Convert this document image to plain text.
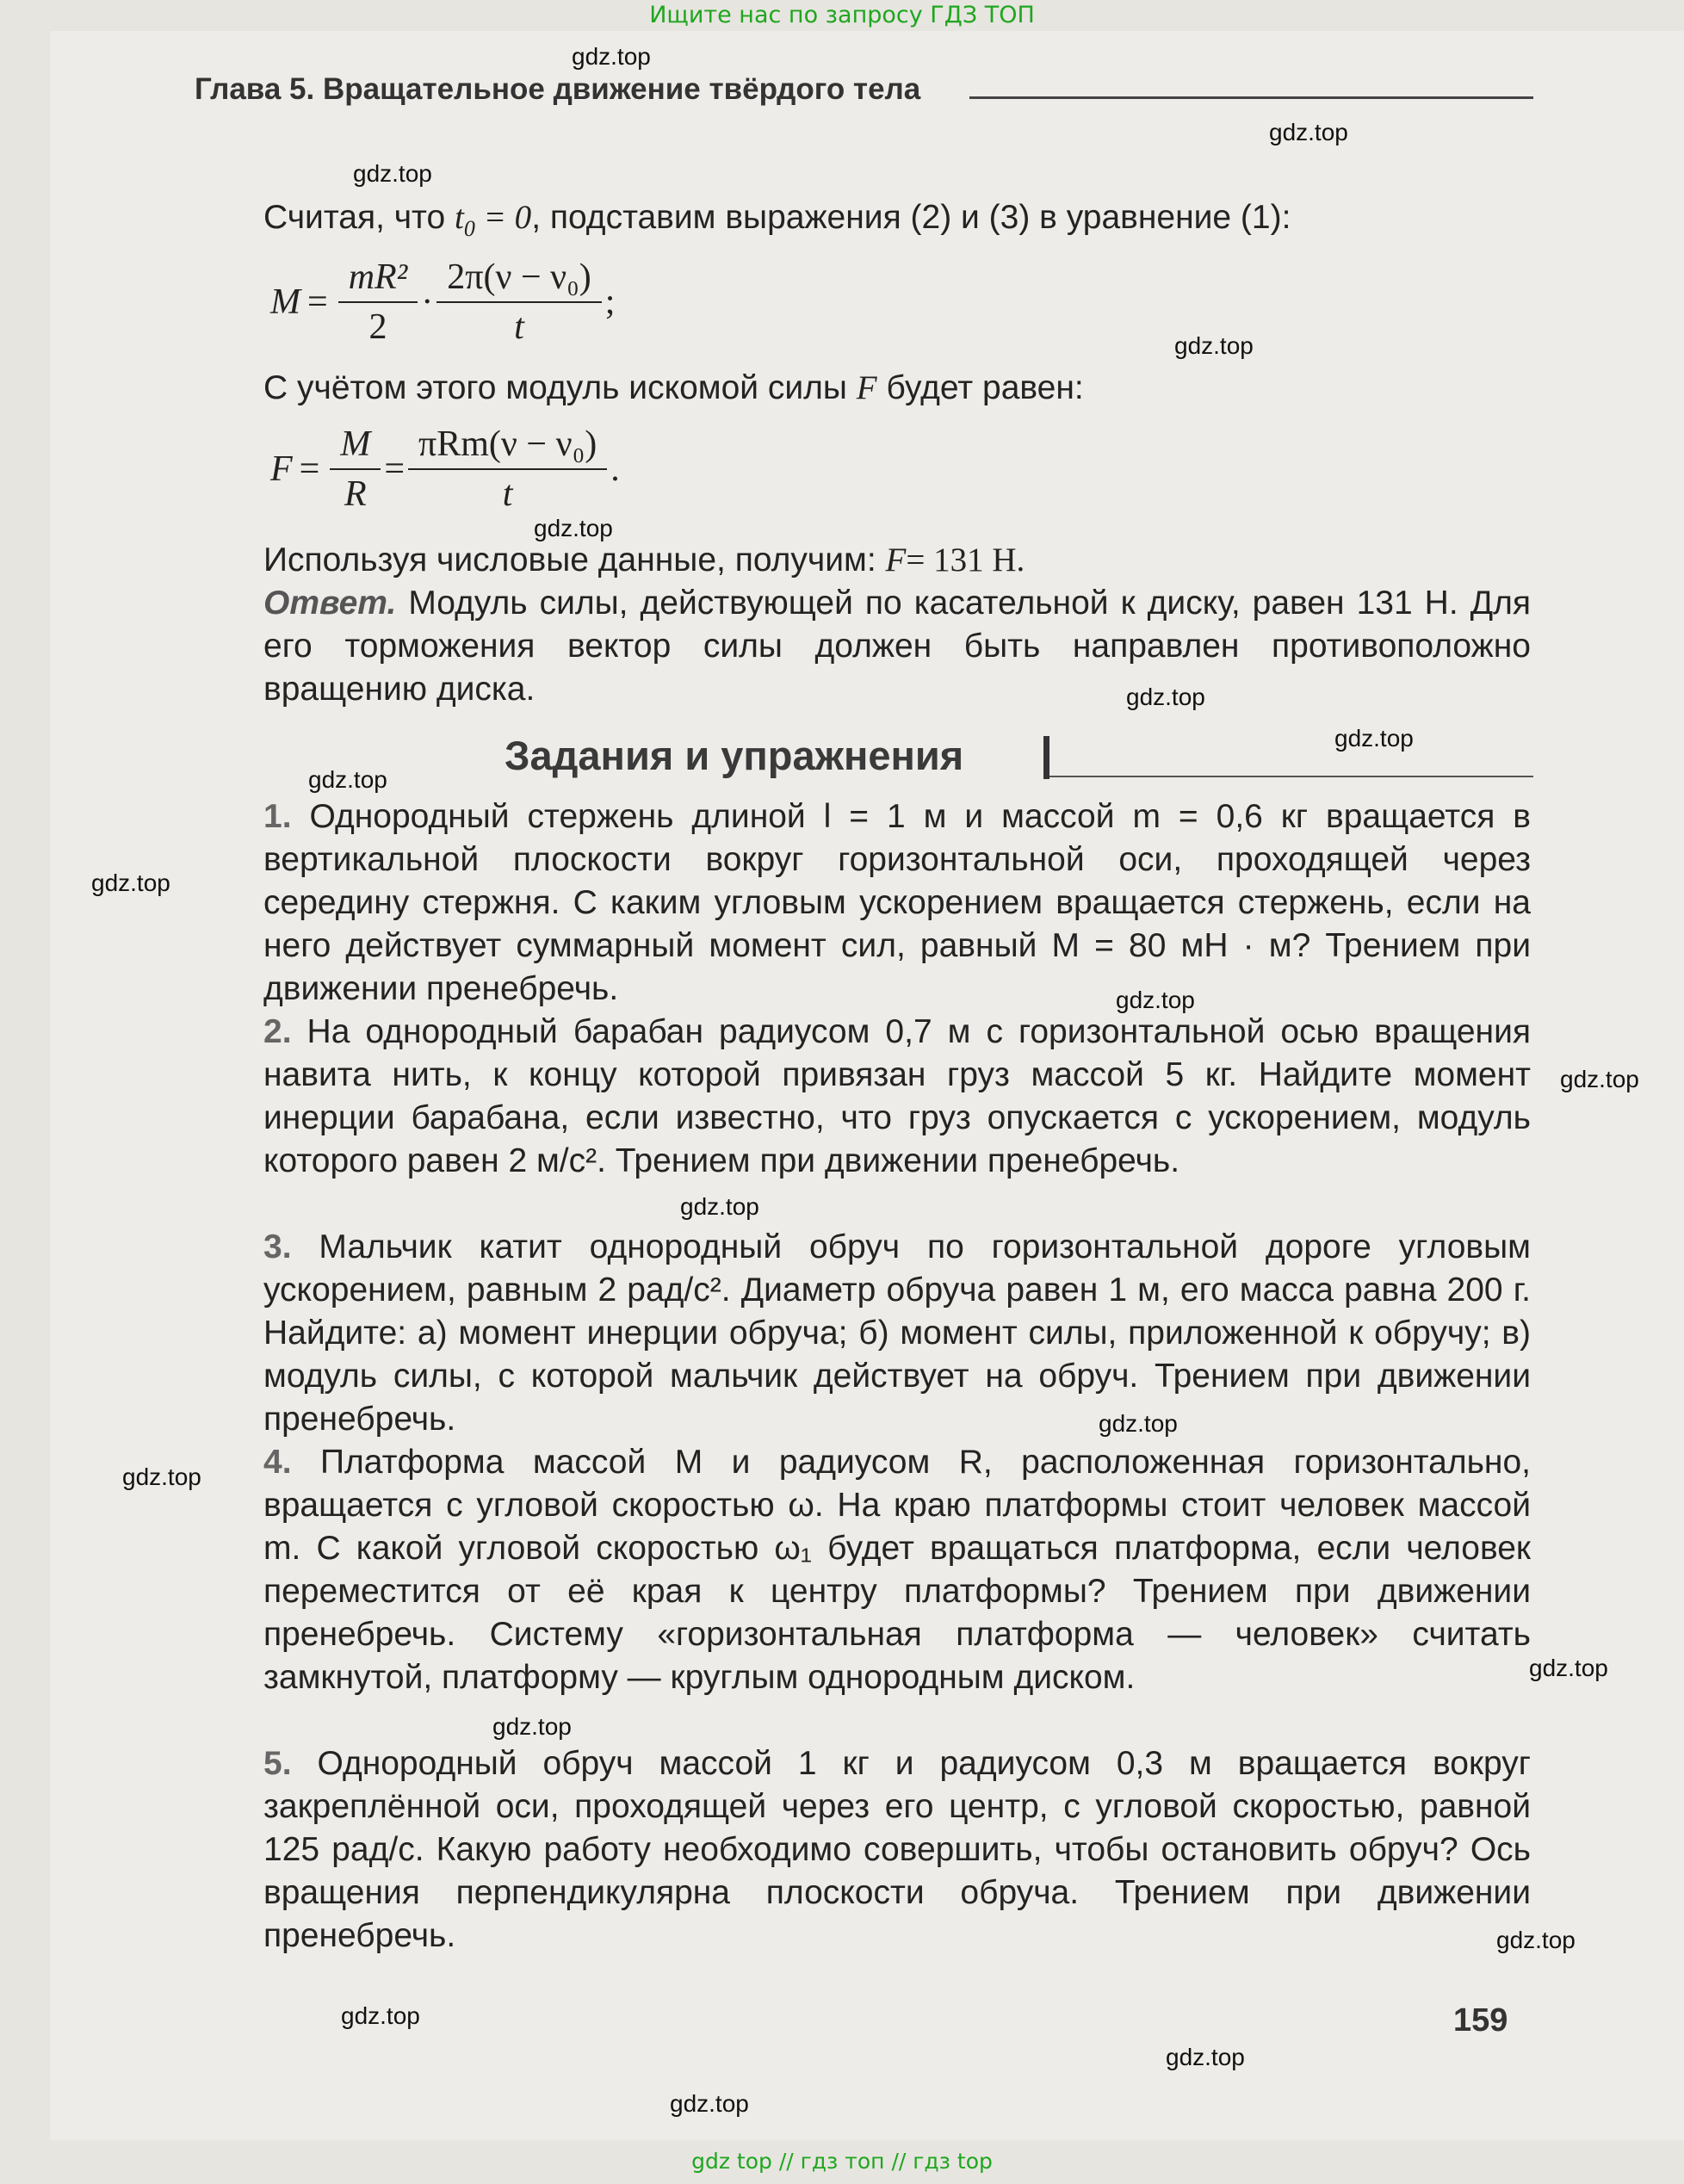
Ищите нас по запросу ГДЗ ТОП
Глава 5. Вращательное движение твёрдого тела
Считая, что $t_0 = 0$, подставим выражения (2) и (3) в уравнение (1):
$M = \frac{\text{mR²}}{2} \cdot \frac{\text{2π(ν − ν₀)}}{t}$ ;
С учётом этого модуль искомой силы F будет равен:
$F = \frac{M}{R} = \frac{\text{πRm(ν − ν₀)}}{t}$ .
Используя числовые данные, получим: F= 131 Н.
Ответ. Модуль силы, действующей по касательной к диску, равен 131 Н. Для его торможения вектор силы должен быть направлен противоположно вращению диска.
Задания и упражнения
1. Однородный стержень длиной l = 1 м и массой m = 0,6 кг вращается в вертикальной плоскости вокруг горизонтальной оси, проходящей через середину стержня. С каким угловым ускорением вращается стержень, если на него действует суммарный момент сил, равный M = 80 мН · м? Трением при движении пренебречь.
2. На однородный барабан радиусом 0,7 м с горизонтальной осью вращения навита нить, к концу которой привязан груз массой 5 кг. Найдите момент инерции барабана, если известно, что груз опускается с ускорением, модуль которого равен 2 м/с². Трением при движении пренебречь.
3. Мальчик катит однородный обруч по горизонтальной дороге угловым ускорением, равным 2 рад/с². Диаметр обруча равен 1 м, его масса равна 200 г. Найдите: а) момент инерции обруча; б) момент силы, приложенной к обручу; в) модуль силы, с которой мальчик действует на обруч. Трением при движении пренебречь.
4. Платформа массой M и радиусом R, расположенная горизонтально, вращается с угловой скоростью ω. На краю платформы стоит человек массой m. С какой угловой скоростью ω₁ будет вращаться платформа, если человек переместится от её края к центру платформы? Трением при движении пренебречь. Систему «горизонтальная платформа — человек» считать замкнутой, платформу — круглым однородным диском.
5. Однородный обруч массой 1 кг и радиусом 0,3 м вращается вокруг закреплённой оси, проходящей через его центр, с угловой скоростью, равной 125 рад/с. Какую работу необходимо совершить, чтобы остановить обруч? Ось вращения перпендикулярна плоскости обруча. Трением при движении пренебречь.
159
gdz.top
gdz.top
gdz.top
gdz.top
gdz.top
gdz.top
gdz.top
gdz.top
gdz.top
gdz.top
gdz.top
gdz.top
gdz.top
gdz.top
gdz.top
gdz.top
gdz.top
gdz.top
gdz.top
gdz.top
gdz top // гдз топ // гдз top
